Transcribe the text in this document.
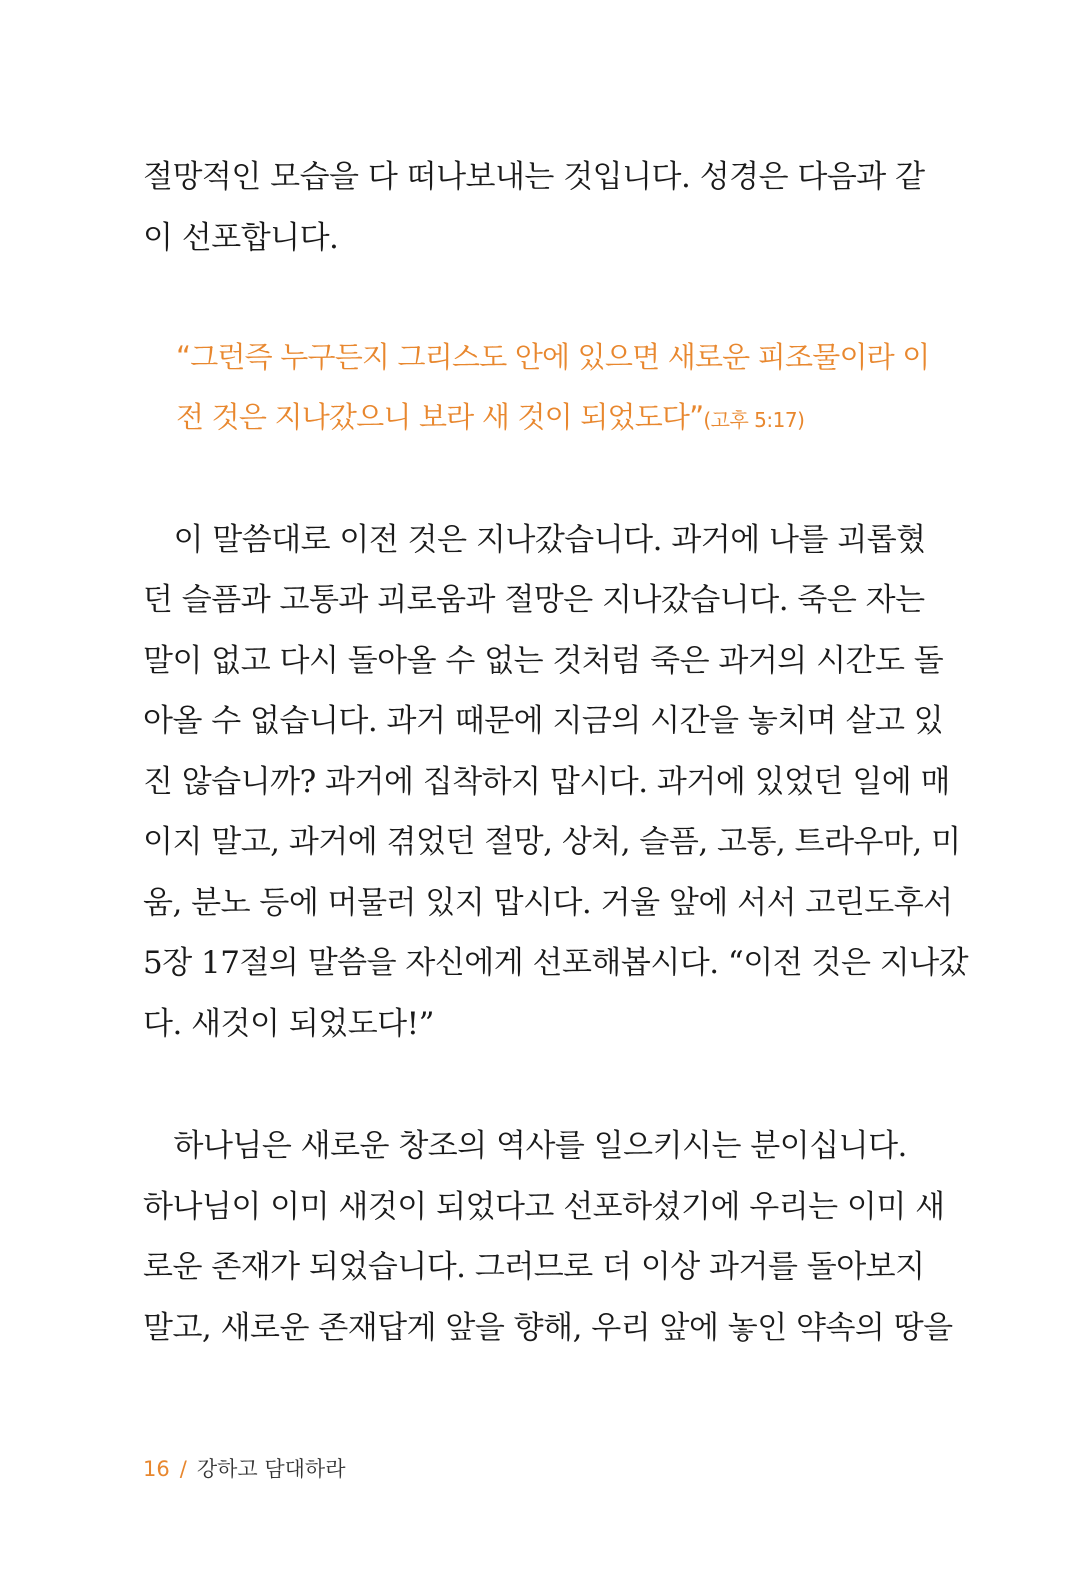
절망적인 모습을 다 떠나보내는 것입니다. 성경은 다음과 같
이 선포합니다.
“그런즉 누구든지 그리스도 안에 있으면 새로운 피조물이라 이
전 것은 지나갔으니 보라 새 것이 되었도다”(고후 5:17)
　이 말씀대로 이전 것은 지나갔습니다. 과거에 나를 괴롭혔
던 슬픔과 고통과 괴로움과 절망은 지나갔습니다. 죽은 자는
말이 없고 다시 돌아올 수 없는 것처럼 죽은 과거의 시간도 돌
아올 수 없습니다. 과거 때문에 지금의 시간을 놓치며 살고 있
진 않습니까? 과거에 집착하지 맙시다. 과거에 있었던 일에 매
이지 말고, 과거에 겪었던 절망, 상처, 슬픔, 고통, 트라우마, 미
움, 분노 등에 머물러 있지 맙시다. 거울 앞에 서서 고린도후서
5장 17절의 말씀을 자신에게 선포해봅시다. “이전 것은 지나갔
다. 새것이 되었도다!”
　하나님은 새로운 창조의 역사를 일으키시는 분이십니다.
하나님이 이미 새것이 되었다고 선포하셨기에 우리는 이미 새
로운 존재가 되었습니다. 그러므로 더 이상 과거를 돌아보지
말고, 새로운 존재답게 앞을 향해, 우리 앞에 놓인 약속의 땅을
16 / 강하고 담대하라
